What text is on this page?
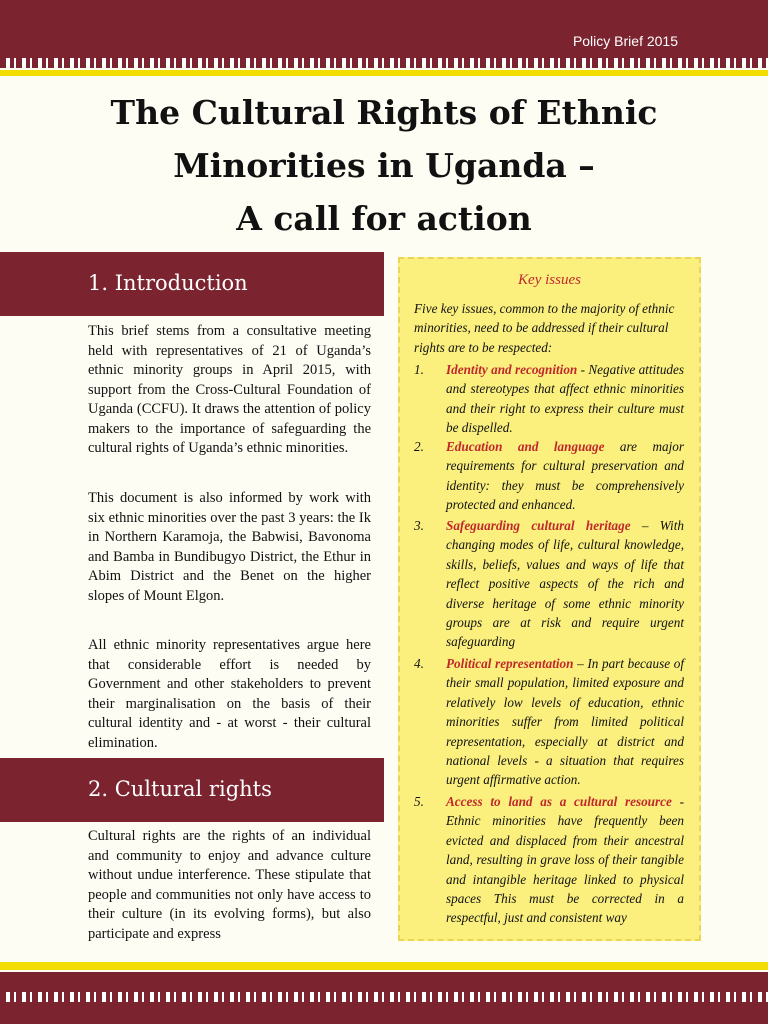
Policy Brief 2015
The Cultural Rights of Ethnic
Minorities in Uganda –
A call for action
1. Introduction

This brief stems from a consultative meeting held with representatives of 21 of Uganda’s ethnic minority groups in April 2015, with support from the Cross-Cultural Foundation of Uganda (CCFU). It draws the attention of policy makers to the importance of safeguarding the cultural rights of Uganda’s ethnic minorities.

This document is also informed by work with six ethnic minorities over the past 3 years: the Ik in Northern Karamoja, the Babwisi, Bavonoma and Bamba in Bundibugyo District, the Ethur in Abim District and the Benet on the higher slopes of Mount Elgon.

All ethnic minority representatives argue here that considerable effort is needed by Government and other stakeholders to prevent their marginalisation on the basis of their cultural identity and - at worst - their cultural elimination.

2. Cultural rights

Cultural rights are the rights of an individual and community to enjoy and advance culture without undue interference. These stipulate that people and communities not only have access to their culture (in its evolving forms), but also participate and express

Key issues
Five key issues, common to the majority of ethnic minorities, need to be addressed if their cultural rights are to be respected:
1. Identity and recognition - Negative attitudes and stereotypes that affect ethnic minorities and their right to express their culture must be dispelled.
2. Education and language are major requirements for cultural preservation and identity: they must be comprehensively protected and enhanced.
3. Safeguarding cultural heritage – With changing modes of life, cultural knowledge, skills, beliefs, values and ways of life that reflect positive aspects of the rich and diverse heritage of some ethnic minority groups are at risk and require urgent safeguarding
4. Political representation – In part because of their small population, limited exposure and relatively low levels of education, ethnic minorities suffer from limited political representation, especially at district and national levels - a situation that requires urgent affirmative action.
5. Access to land as a cultural resource -Ethnic minorities have frequently been evicted and displaced from their ancestral land, resulting in grave loss of their tangible and intangible heritage linked to physical spaces This must be corrected in a respectful, just and consistent way
